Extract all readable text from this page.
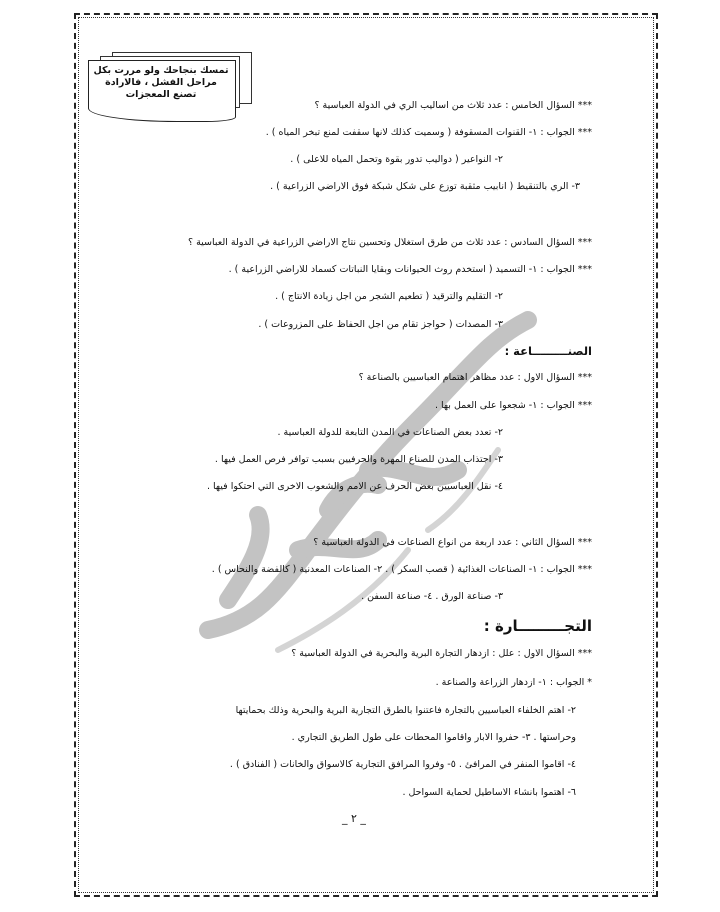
تمسك بنجاحك ولو مررت بكل مراحل الفشل ، فالارادة تصنع المعجزات
*** السؤال الخامس : عدد ثلاث من اساليب الري في الدولة العباسية ؟
*** الجواب : ١- القنوات المسقوفة ( وسميت كذلك لانها سقفت لمنع تبخر المياه ) .
٢- النواعير ( دواليب تدور بقوة وتحمل المياه للاعلى ) .
٣- الري بالتنقيط ( انابيب مثقبة توزع على شكل شبكة فوق الاراضي الزراعية ) .
*** السؤال السادس : عدد ثلاث من طرق استغلال وتحسين نتاج الاراضي الزراعية في الدولة العباسية ؟
*** الجواب : ١- التسميد ( استخدم روث الحيوانات وبقايا النباتات كسماد للاراضي الزراعية ) .
٢- التقليم والترقيد ( تطعيم الشجر من اجل زيادة الانتاج ) .
٣- المصدات ( حواجز تقام من اجل الحفاظ على المزروعات ) .
الصنـــــــــاعة :
*** السؤال الاول : عدد مظاهر اهتمام العباسيين بالصناعة ؟
*** الجواب : ١- شجعوا على العمل بها .
٢- تعدد بعض الصناعات في المدن التابعة للدولة العباسية .
٣- اجتذاب المدن للصناع المهرة والحرفيين بسبب توافر فرص العمل فيها .
٤- نقل العباسيين بعض الحرف عن الامم والشعوب الاخرى التي احتكوا فيها .
*** السؤال الثاني : عدد اربعة من انواع الصناعات في الدولة العباسية ؟
*** الجواب : ١- الصناعات الغذائية ( قصب السكر ) . ٢- الصناعات المعدنية ( كالفضة والنحاس ) .
٣- صناعة الورق . ٤- صناعة السفن .
التجـــــــــارة :
*** السؤال الاول : علل : ازدهار التجارة البرية والبحرية في الدولة العباسية ؟
* الجواب : ١- ازدهار الزراعة والصناعة .
٢- اهتم الخلفاء العباسيين بالتجارة فاعتنوا بالطرق التجارية البرية والبحرية وذلك بحمايتها
وحراستها . ٣- حفروا الابار واقاموا المحطات على طول الطريق التجاري .
٤- اقاموا المنفر في المرافئ . ٥- وفروا المرافق التجارية كالاسواق والخانات ( الفنادق ) .
٦- اهتموا بانشاء الاساطيل لحماية السواحل .
_ ٢ _
